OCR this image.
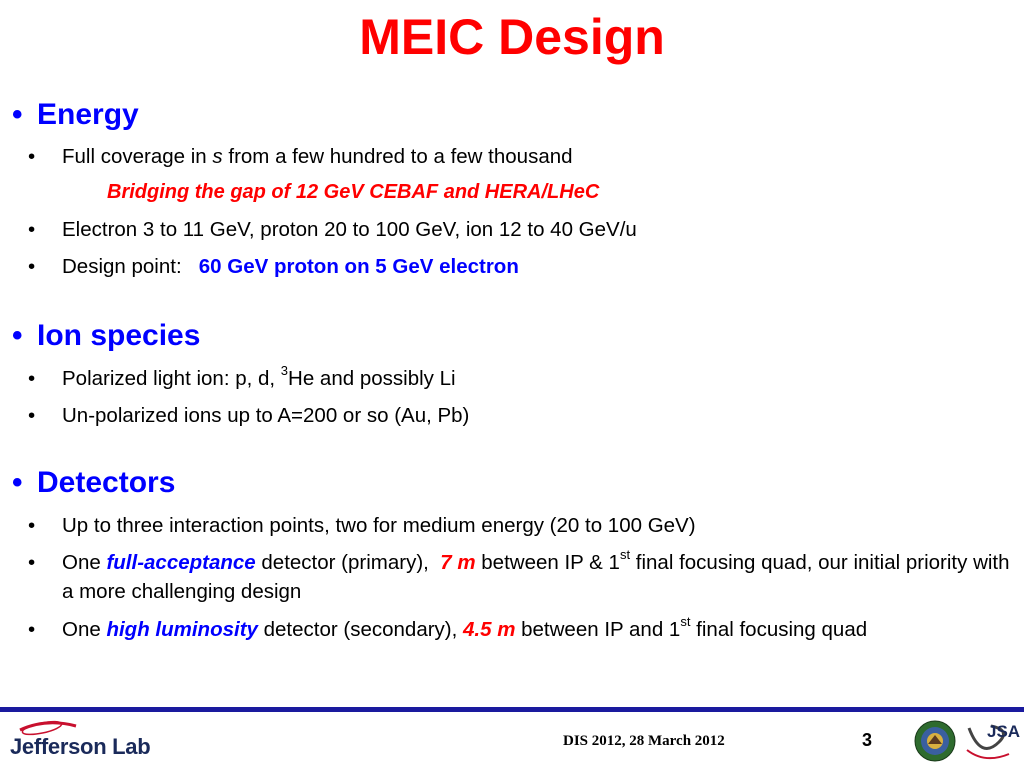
MEIC Design
• Energy
• Full coverage in s from a few hundred to a few thousand
Bridging the gap of 12 GeV CEBAF and HERA/LHeC
• Electron 3 to 11 GeV, proton 20 to 100 GeV, ion 12 to 40 GeV/u
• Design point:   60 GeV proton on 5 GeV electron
• Ion species
• Polarized light ion: p, d, $^3$He and possibly Li
• Un-polarized ions up to A=200 or so (Au, Pb)
• Detectors
• Up to three interaction points, two for medium energy (20 to 100 GeV)
• One full-acceptance detector (primary),  7 m between IP & 1st final focusing quad, our initial priority with a more challenging design
• One high luminosity detector (secondary), 4.5 m between IP and 1st final focusing quad
Jefferson Lab	DIS 2012, 28 March 2012	3	JSA
